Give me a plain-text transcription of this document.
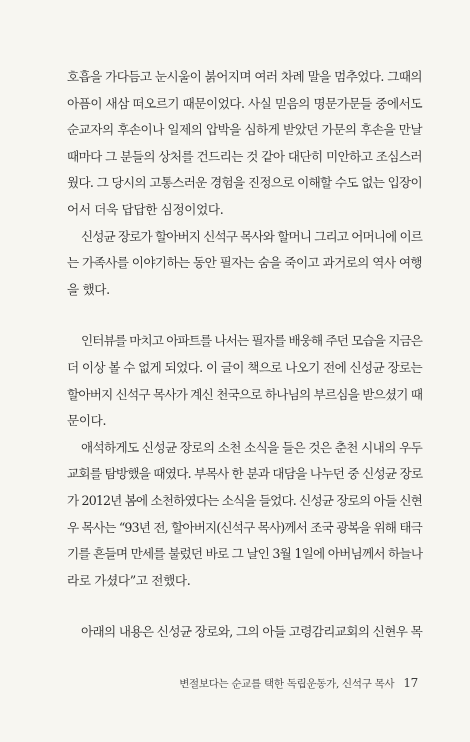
호흡을 가다듬고 눈시울이 붉어지며 여러 차례 말을 멈추었다. 그때의
아픔이 새삼 떠오르기 때문이었다. 사실 믿음의 명문가문들 중에서도
순교자의 후손이나 일제의 압박을 심하게 받았던 가문의 후손을 만날
때마다 그 분들의 상처를 건드리는 것 같아 대단히 미안하고 조심스러
웠다. 그 당시의 고통스러운 경험을 진정으로 이해할 수도 없는 입장이
어서 더욱 답답한 심정이었다.
신성균 장로가 할아버지 신석구 목사와 할머니 그리고 어머니에 이르
는 가족사를 이야기하는 동안 필자는 숨을 죽이고 과거로의 역사 여행
을 했다.
인터뷰를 마치고 아파트를 나서는 필자를 배웅해 주던 모습을 지금은
더 이상 볼 수 없게 되었다. 이 글이 책으로 나오기 전에 신성균 장로는
할아버지 신석구 목사가 계신 천국으로 하나님의 부르심을 받으셨기 때
문이다.
애석하게도 신성균 장로의 소천 소식을 들은 것은 춘천 시내의 우두
교회를 탐방했을 때였다. 부목사 한 분과 대담을 나누던 중 신성균 장로
가 2012년 봄에 소천하였다는 소식을 들었다. 신성균 장로의 아들 신현
우 목사는 “93년 전, 할아버지(신석구 목사)께서 조국 광복을 위해 태극
기를 흔들며 만세를 불렀던 바로 그 날인 3월 1일에 아버님께서 하늘나
라로 가셨다”고 전했다.
아래의 내용은 신성균 장로와, 그의 아들 고령감리교회의 신현우 목
변절보다는 순교를 택한 독립운동가, 신석구 목사 17
